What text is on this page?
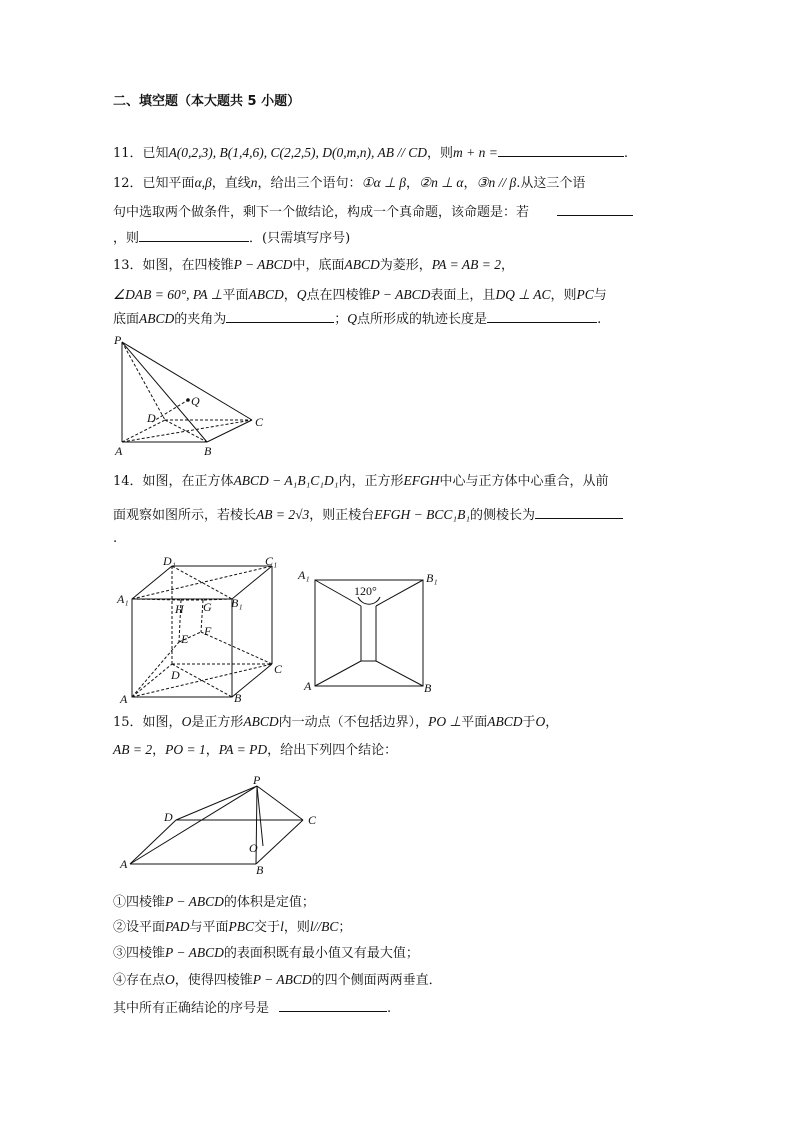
二、填空题（本大题共 5 小题）
11．已知A(0,2,3), B(1,4,6), C(2,2,5), D(0,m,n), AB // CD，则m + n =	.
12．已知平面α,β，直线n，给出三个语句：①α ⊥ β，②n ⊥ α，③n // β.从这三个语
句中选取两个做条件，剩下一个做结论，构成一个真命题，该命题是：若
，则	．(只需填写序号)
13．如图，在四棱锥P − ABCD中，底面ABCD为菱形，PA = AB = 2，
∠DAB = 60°, PA ⊥平面ABCD，Q点在四棱锥P − ABCD表面上，且DQ ⊥ AC，则PC与
底面ABCD的夹角为	；Q点所形成的轨迹长度是	.
P
A	B
C
D
Q
14．如图，在正方体ABCD − A₁B₁C₁D₁内，正方形EFGH中心与正方体中心重合，从前
面观察如图所示，若棱长AB = 2√3，则正棱台EFGH − BCC₁B₁的侧棱长为
.
D₁	C₁
A₁	B₁
H G
F
E
D	C
A	B
A₁	B₁
120°
A	B
15．如图，O是正方形ABCD内一动点（不包括边界），PO ⊥平面ABCD于O，
AB = 2，PO = 1，PA = PD，给出下列四个结论：
P
D	C
O
A	B
①四棱锥P − ABCD的体积是定值；
②设平面PAD与平面PBC交于l，则l//BC；
③四棱锥P − ABCD的表面积既有最小值又有最大值；
④存在点O，使得四棱锥P − ABCD的四个侧面两两垂直．
其中所有正确结论的序号是	.
